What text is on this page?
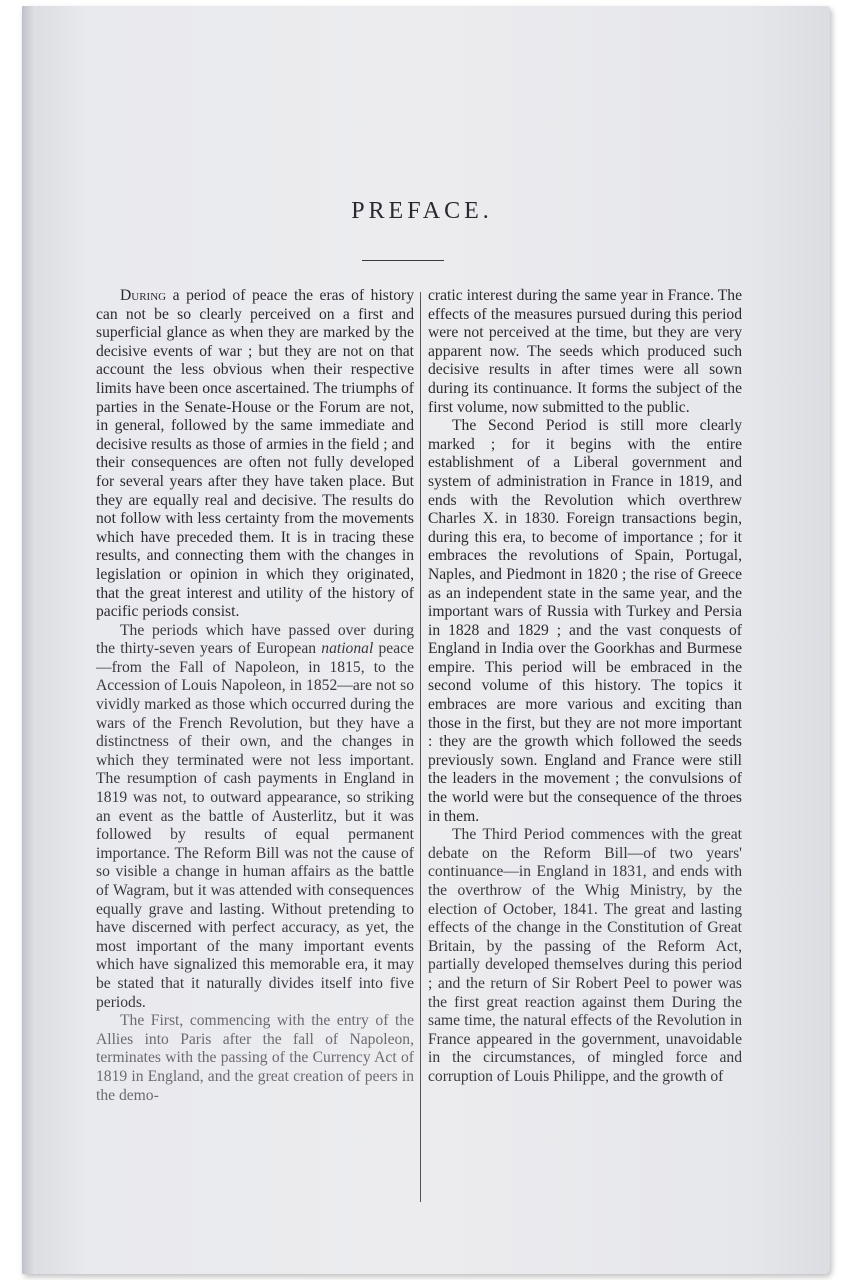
PREFACE.

During a period of peace the eras of history can not be so clearly perceived on a first and superficial glance as when they are marked by the decisive events of war ; but they are not on that account the less obvious when their respective limits have been once ascertained. The triumphs of parties in the Senate-House or the Forum are not, in general, followed by the same immediate and decisive results as those of armies in the field ; and their consequences are often not fully developed for several years after they have taken place. But they are equally real and decisive. The results do not follow with less certainty from the movements which have preceded them. It is in tracing these results, and connecting them with the changes in legislation or opinion in which they originated, that the great interest and utility of the history of pacific periods consist.

The periods which have passed over during the thirty-seven years of European national peace—from the Fall of Napoleon, in 1815, to the Accession of Louis Napoleon, in 1852—are not so vividly marked as those which occurred during the wars of the French Revolution, but they have a distinctness of their own, and the changes in which they terminated were not less important. The resumption of cash payments in England in 1819 was not, to outward appearance, so striking an event as the battle of Austerlitz, but it was followed by results of equal permanent importance. The Reform Bill was not the cause of so visible a change in human affairs as the battle of Wagram, but it was attended with consequences equally grave and lasting. Without pretending to have discerned with perfect accuracy, as yet, the most important of the many important events which have signalized this memorable era, it may be stated that it naturally divides itself into five periods.

The First, commencing with the entry of the Allies into Paris after the fall of Napoleon, terminates with the passing of the Currency Act of 1819 in England, and the great creation of peers in the demo-

cratic interest during the same year in France. The effects of the measures pursued during this period were not perceived at the time, but they are very apparent now. The seeds which produced such decisive results in after times were all sown during its continuance. It forms the subject of the first volume, now submitted to the public.

The Second Period is still more clearly marked ; for it begins with the entire establishment of a Liberal government and system of administration in France in 1819, and ends with the Revolution which overthrew Charles X. in 1830. Foreign transactions begin, during this era, to become of importance ; for it embraces the revolutions of Spain, Portugal, Naples, and Piedmont in 1820 ; the rise of Greece as an independent state in the same year, and the important wars of Russia with Turkey and Persia in 1828 and 1829 ; and the vast conquests of England in India over the Goorkhas and Burmese empire. This period will be embraced in the second volume of this history. The topics it embraces are more various and exciting than those in the first, but they are not more important : they are the growth which followed the seeds previously sown. England and France were still the leaders in the movement ; the convulsions of the world were but the consequence of the throes in them.

The Third Period commences with the great debate on the Reform Bill—of two years' continuance—in England in 1831, and ends with the overthrow of the Whig Ministry, by the election of October, 1841. The great and lasting effects of the change in the Constitution of Great Britain, by the passing of the Reform Act, partially developed themselves during this period ; and the return of Sir Robert Peel to power was the first great reaction against them During the same time, the natural effects of the Revolution in France appeared in the government, unavoidable in the circumstances, of mingled force and corruption of Louis Philippe, and the growth of
